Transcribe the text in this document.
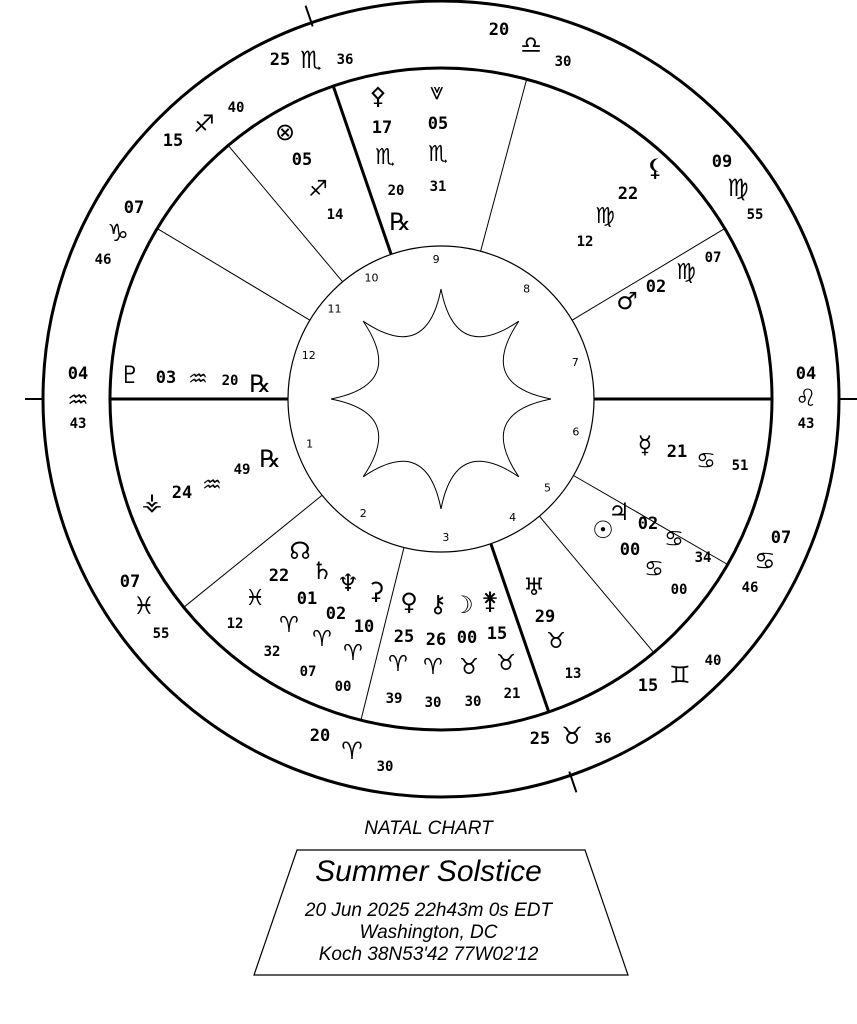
1
2
3
4
5
6
7
8
9
10
11
12
04
♒
43
07
♓
55
20
♈
30
25 ♉ 36
15 ♊ 40
07
♋
46
04
♌
43
09
♍
55
20
♎
30
25 ♏ 36
15
♐
40
07
♑
46
♇ 03 ♒ 20 ℞
⚶ 24 ♒
49 ℞
☊
22
♓
12
♄
01
♈
32
♆
02
♈
07
⚳
10
♈
00
♀
25
♈
39
⚷
26
♈
30
☽
00
♉
30
⚵
15
♉
21
♅
29
♉
13
♃ 02
♋
34
☉
00
♋
00
☿ 21 ♋ 51
♂ 02
♍
07
⚸
22
♍
12
⚴
17
♏
20
℞
⩔
05
♏
31
⊗
05
♐
14
NATAL CHART
Summer Solstice
20 Jun 2025 22h43m 0s EDT
Washington, DC
Koch 38N53'42 77W02'12
